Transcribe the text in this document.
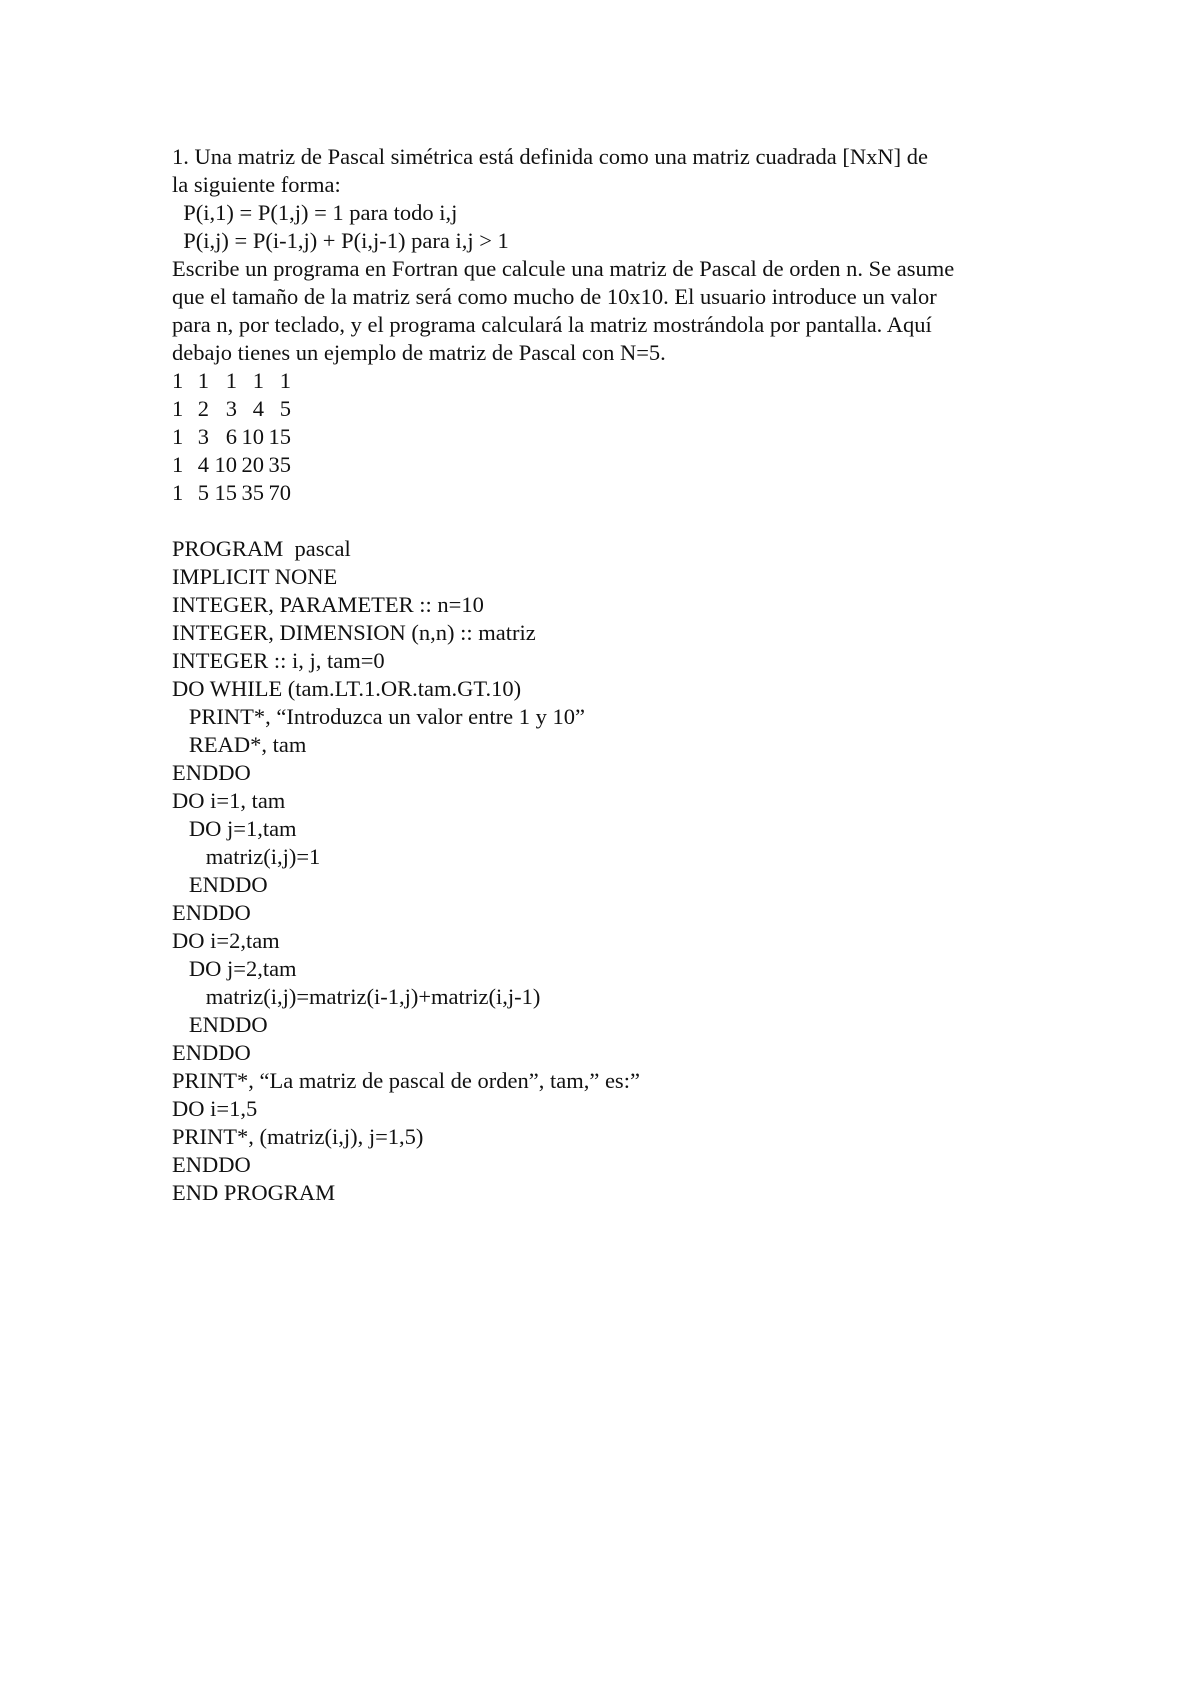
1. Una matriz de Pascal simétrica está definida como una matriz cuadrada [NxN] de
la siguiente forma:
P(i,1) = P(1,j) = 1 para todo i,j
P(i,j) = P(i-1,j) + P(i,j-1) para i,j > 1
Escribe un programa en Fortran que calcule una matriz de Pascal de orden n. Se asume
que el tamaño de la matriz será como mucho de 10x10. El usuario introduce un valor
para n, por teclado, y el programa calculará la matriz mostrándola por pantalla. Aquí
debajo tienes un ejemplo de matriz de Pascal con N=5.
1 1 1 1 1
1 2 3 4 5
1 3 6 10 15
1 4 10 20 35
1 5 15 35 70
PROGRAM  pascal
IMPLICIT NONE
INTEGER, PARAMETER :: n=10
INTEGER, DIMENSION (n,n) :: matriz
INTEGER :: i, j, tam=0
DO WHILE (tam.LT.1.OR.tam.GT.10)
PRINT*, “Introduzca un valor entre 1 y 10”
READ*, tam
ENDDO
DO i=1, tam
DO j=1,tam
matriz(i,j)=1
ENDDO
ENDDO
DO i=2,tam
DO j=2,tam
matriz(i,j)=matriz(i-1,j)+matriz(i,j-1)
ENDDO
ENDDO
PRINT*, “La matriz de pascal de orden”, tam,” es:”
DO i=1,5
PRINT*, (matriz(i,j), j=1,5)
ENDDO
END PROGRAM
